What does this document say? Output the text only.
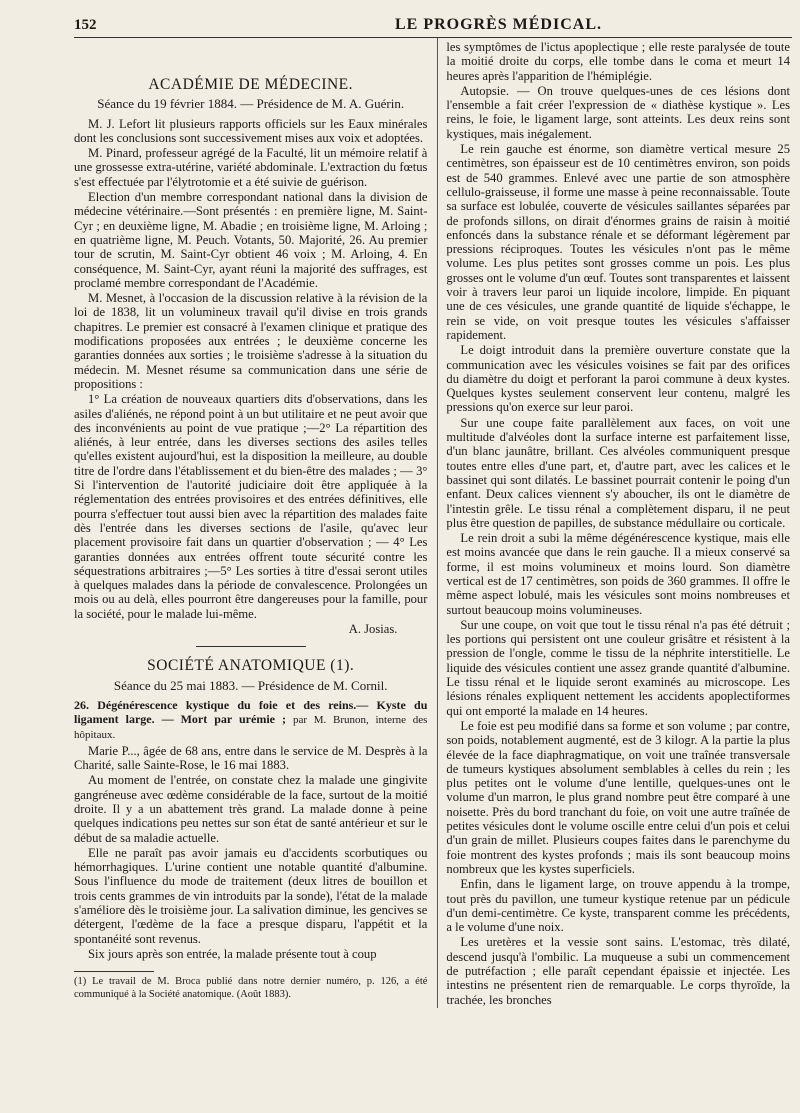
152	LE PROGRÈS MÉDICAL.
ACADÉMIE DE MÉDECINE.
Séance du 19 février 1884. — Présidence de M. A. Guérin.

M. J. Lefort lit plusieurs rapports officiels sur les Eaux minérales dont les conclusions sont successivement mises aux voix et adoptées.

M. Pinard, professeur agrégé de la Faculté, lit un mémoire relatif à une grossesse extra-utérine, variété abdominale. L'extraction du fœtus s'est effectuée par l'élytrotomie et a été suivie de guérison.

Election d'un membre correspondant national dans la division de médecine vétérinaire.—Sont présentés : en première ligne, M. Saint-Cyr ; en deuxième ligne, M. Abadie ; en troisième ligne, M. Arloing ; en quatrième ligne, M. Peuch. Votants, 50. Majorité, 26. Au premier tour de scrutin, M. Saint-Cyr obtient 46 voix ; M. Arloing, 4. En conséquence, M. Saint-Cyr, ayant réuni la majorité des suffrages, est proclamé membre correspondant de l'Académie.

M. Mesnet, à l'occasion de la discussion relative à la révision de la loi de 1838, lit un volumineux travail qu'il divise en trois grands chapitres. Le premier est consacré à l'examen clinique et pratique des modifications proposées aux entrées ; le deuxième concerne les garanties données aux sorties ; le troisième s'adresse à la situation du médecin. M. Mesnet résume sa communication dans une série de propositions :

1° La création de nouveaux quartiers dits d'observations, dans les asiles d'aliénés, ne répond point à un but utilitaire et ne peut avoir que des inconvénients au point de vue pratique ;—2° La répartition des aliénés, à leur entrée, dans les diverses sections des asiles telles qu'elles existent aujourd'hui, est la disposition la meilleure, au double titre de l'ordre dans l'établissement et du bien-être des malades ; — 3° Si l'intervention de l'autorité judiciaire doit être appliquée à la réglementation des entrées provisoires et des entrées définitives, elle pourra s'effectuer tout aussi bien avec la répartition des malades faite dès l'entrée dans les diverses sections de l'asile, qu'avec leur placement provisoire fait dans un quartier d'observation ; — 4° Les garanties données aux entrées offrent toute sécurité contre les séquestrations arbitraires ;—5° Les sorties à titre d'essai seront utiles à quelques malades dans la période de convalescence. Prolongées un mois ou au delà, elles pourront être dangereuses pour la famille, pour la société, pour le malade lui-même.

A. Josias.
SOCIÉTÉ ANATOMIQUE (1).
Séance du 25 mai 1883. — Présidence de M. Cornil.

26. Dégénérescence kystique du foie et des reins.— Kyste du ligament large. — Mort par urémie ; par M. Brunon, interne des hôpitaux.

Marie P..., âgée de 68 ans, entre dans le service de M. Desprès à la Charité, salle Sainte-Rose, le 16 mai 1883.

Au moment de l'entrée, on constate chez la malade une gingivite gangréneuse avec œdème considérable de la face, surtout de la moitié droite. Il y a un abattement très grand. La malade donne à peine quelques indications peu nettes sur son état de santé antérieur et sur le début de sa maladie actuelle.

Elle ne paraît pas avoir jamais eu d'accidents scorbutiques ou hémorrhagiques. L'urine contient une notable quantité d'albumine. Sous l'influence du mode de traitement (deux litres de bouillon et trois cents grammes de vin introduits par la sonde), l'état de la malade s'améliore dès le troisième jour. La salivation diminue, les gencives se détergent, l'œdème de la face a presque disparu, l'appétit et la spontanéité sont revenus.

Six jours après son entrée, la malade présente tout à coup

(1) Le travail de M. Broca publié dans notre dernier numéro, p. 126, a été communiqué à la Société anatomique. (Août 1883).

les symptômes de l'ictus apoplectique ; elle reste paralysée de toute la moitié droite du corps, elle tombe dans le coma et meurt 14 heures après l'apparition de l'hémiplégie.

Autopsie. — On trouve quelques-unes de ces lésions dont l'ensemble a fait créer l'expression de « diathèse kystique ». Les reins, le foie, le ligament large, sont atteints. Les deux reins sont kystiques, mais inégalement.

Le rein gauche est énorme, son diamètre vertical mesure 25 centimètres, son épaisseur est de 10 centimètres environ, son poids est de 540 grammes. Enlevé avec une partie de son atmosphère cellulo-graisseuse, il forme une masse à peine reconnaissable. Toute sa surface est lobulée, couverte de vésicules saillantes séparées par de profonds sillons, on dirait d'énormes grains de raisin à moitié enfoncés dans la substance rénale et se déformant légèrement par pressions réciproques. Toutes les vésicules n'ont pas le même volume. Les plus petites sont grosses comme un pois. Les plus grosses ont le volume d'un œuf. Toutes sont transparentes et laissent voir à travers leur paroi un liquide incolore, limpide. En piquant une de ces vésicules, une grande quantité de liquide s'échappe, le rein se vide, on voit presque toutes les vésicules s'affaisser rapidement.

Le doigt introduit dans la première ouverture constate que la communication avec les vésicules voisines se fait par des orifices du diamètre du doigt et perforant la paroi commune à deux kystes. Quelques kystes seulement conservent leur contenu, malgré les pressions qu'on exerce sur leur paroi.

Sur une coupe faite parallèlement aux faces, on voit une multitude d'alvéoles dont la surface interne est parfaitement lisse, d'un blanc jaunâtre, brillant. Ces alvéoles communiquent presque toutes entre elles d'une part, et, d'autre part, avec les calices et le bassinet qui sont dilatés. Le bassinet pourrait contenir le poing d'un enfant. Deux calices viennent s'y aboucher, ils ont le diamètre de l'intestin grêle. Le tissu rénal a complètement disparu, il ne peut plus être question de papilles, de substance médullaire ou corticale.

Le rein droit a subi la même dégénérescence kystique, mais elle est moins avancée que dans le rein gauche. Il a mieux conservé sa forme, il est moins volumineux et moins lourd. Son diamètre vertical est de 17 centimètres, son poids de 360 grammes. Il offre le même aspect lobulé, mais les vésicules sont moins nombreuses et surtout beaucoup moins volumineuses.

Sur une coupe, on voit que tout le tissu rénal n'a pas été détruit ; les portions qui persistent ont une couleur grisâtre et résistent à la pression de l'ongle, comme le tissu de la néphrite interstitielle. Le liquide des vésicules contient une assez grande quantité d'albumine. Le tissu rénal et le liquide seront examinés au microscope. Les lésions rénales expliquent nettement les accidents apoplectiformes qui ont emporté la malade en 14 heures.

Le foie est peu modifié dans sa forme et son volume ; par contre, son poids, notablement augmenté, est de 3 kilogr. A la partie la plus élevée de la face diaphragmatique, on voit une traînée transversale de tumeurs kystiques absolument semblables à celles du rein ; les plus petites ont le volume d'une lentille, quelques-unes ont le volume d'un marron, le plus grand nombre peut être comparé à une noisette. Près du bord tranchant du foie, on voit une autre traînée de petites vésicules dont le volume oscille entre celui d'un pois et celui d'un grain de millet. Plusieurs coupes faites dans le parenchyme du foie montrent des kystes profonds ; mais ils sont beaucoup moins nombreux que les kystes superficiels.

Enfin, dans le ligament large, on trouve appendu à la trompe, tout près du pavillon, une tumeur kystique retenue par un pédicule d'un demi-centimètre. Ce kyste, transparent comme les précédents, a le volume d'une noix.

Les uretères et la vessie sont sains. L'estomac, très dilaté, descend jusqu'à l'ombilic. La muqueuse a subi un commencement de putréfaction ; elle paraît cependant épaissie et injectée. Les intestins ne présentent rien de remarquable. Le corps thyroïde, la trachée, les bronches
